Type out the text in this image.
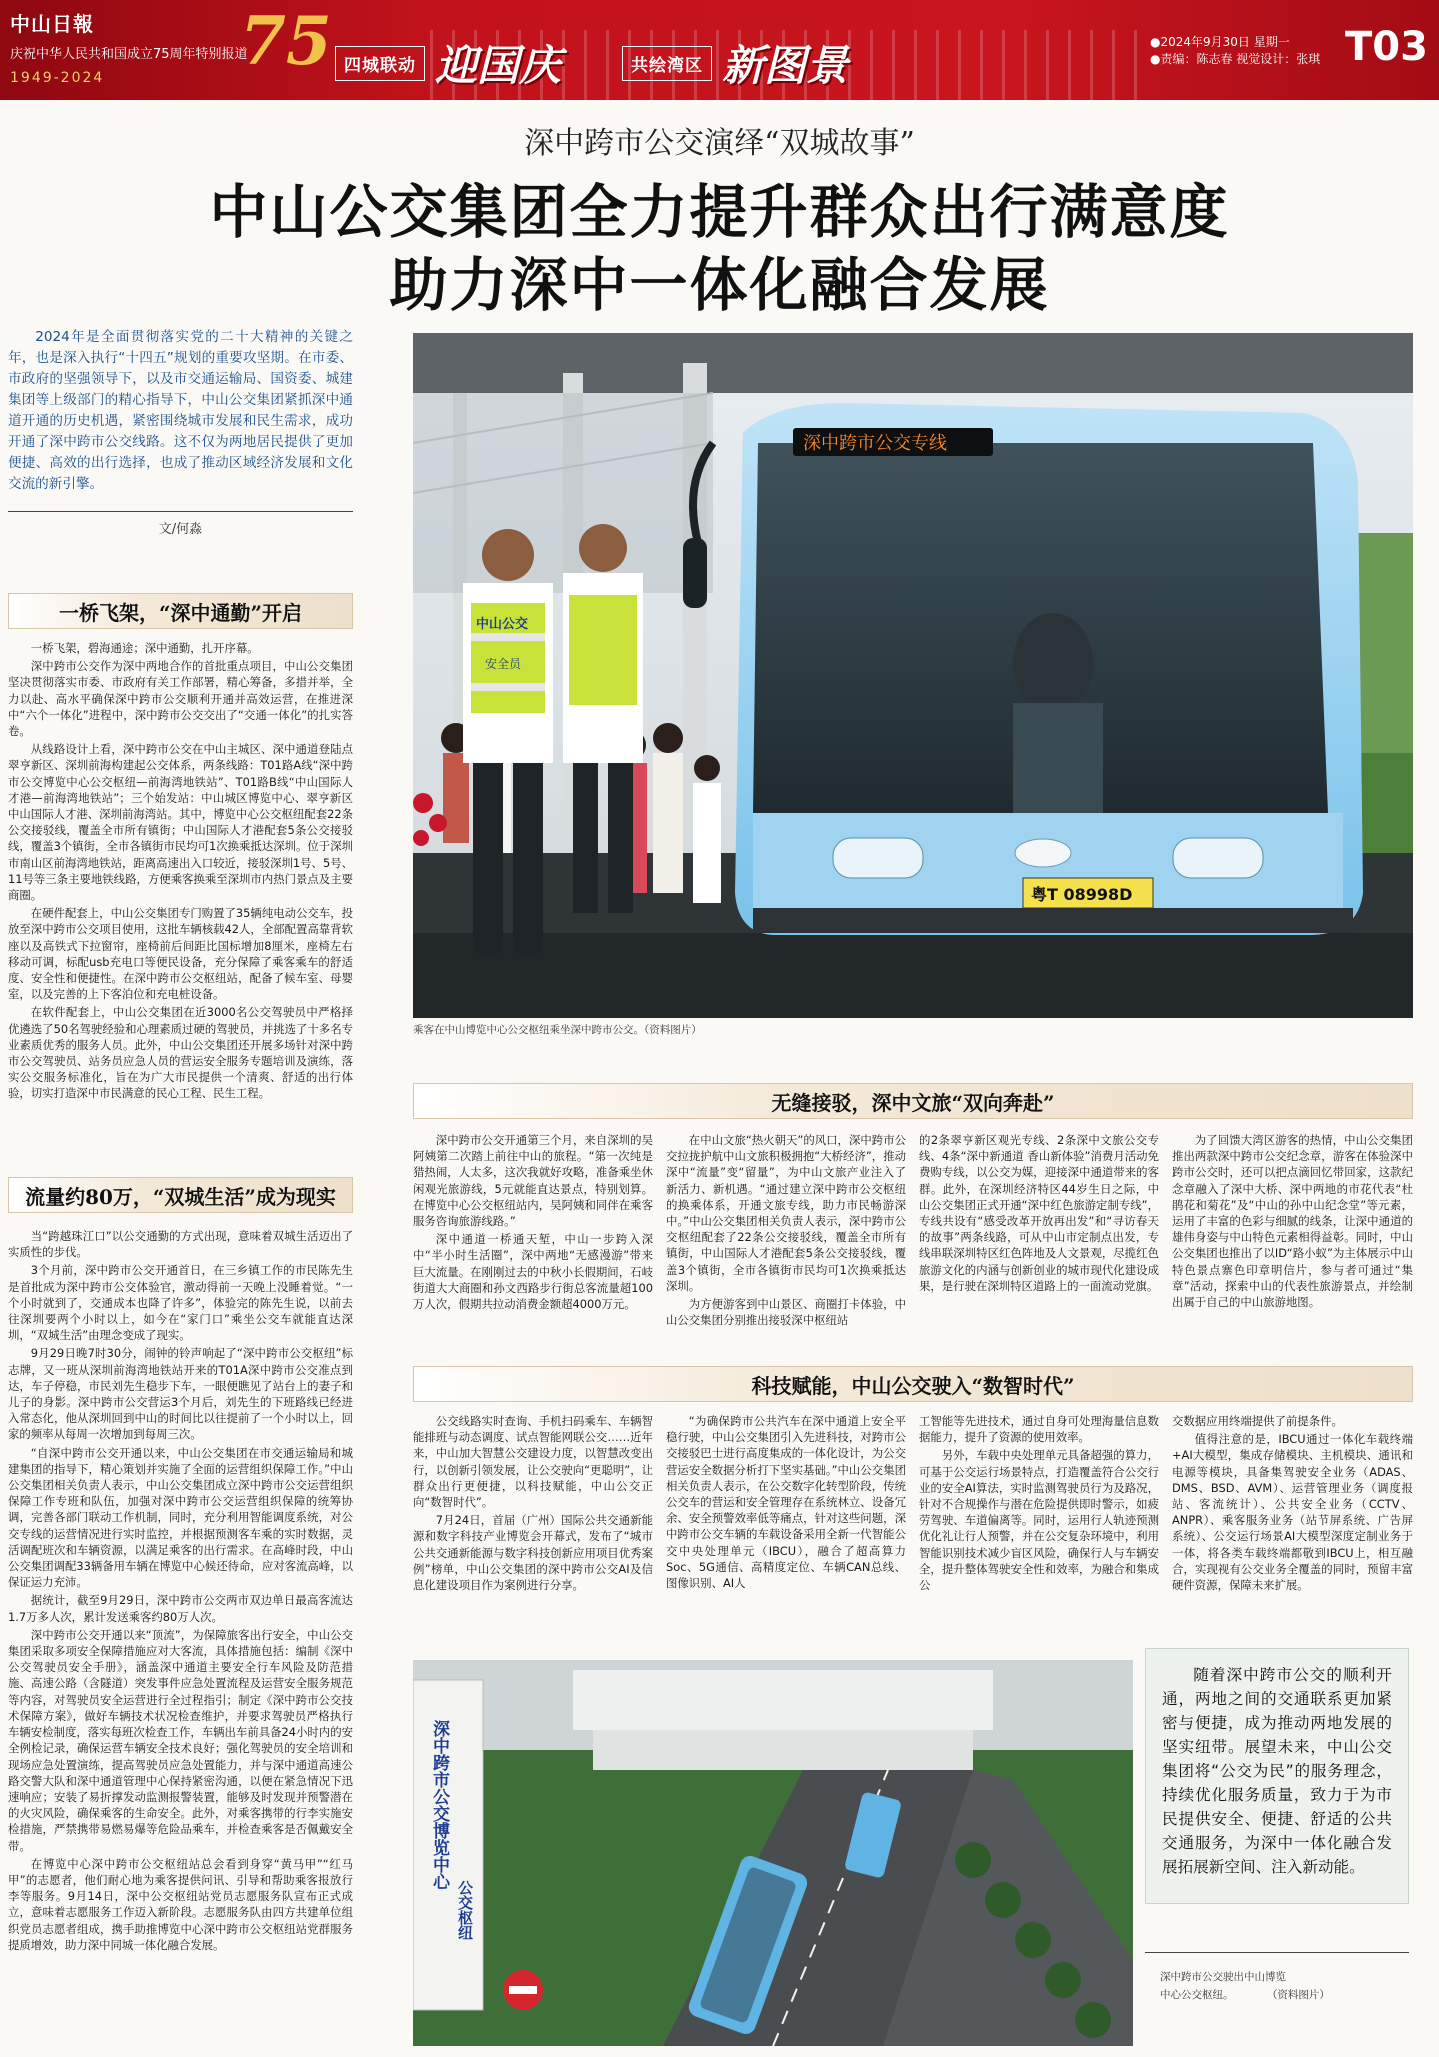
中山日報
庆祝中华人民共和国成立75周年特别报道
1949-2024	75 四城联动 迎国庆	共绘湾区 新图景	●2024年9月30日 星期一
●责编：陈志春 视觉设计：张琪 T03
深中跨市公交演绎“双城故事”
中山公交集团全力提升群众出行满意度
助力深中一体化融合发展
2024年是全面贯彻落实党的二十大精神的关键之年，也是深入执行“十四五”规划的重要攻坚期。在市委、市政府的坚强领导下，以及市交通运输局、国资委、城建集团等上级部门的精心指导下，中山公交集团紧抓深中通道开通的历史机遇，紧密围绕城市发展和民生需求，成功开通了深中跨市公交线路。这不仅为两地居民提供了更加便捷、高效的出行选择，也成了推动区域经济发展和文化交流的新引擎。
文/何淼
深中跨市公交专线
粤T 08998D
中山公交
安全员
乘客在中山博览中心公交枢纽乘坐深中跨市公交。（资料图片）
一桥飞架，“深中通勤”开启
流量约80万，“双城生活”成为现实
无缝接驳，深中文旅“双向奔赴”
科技赋能，中山公交驶入“数智时代”

一桥飞架，碧海通途；深中通勤，扎开序幕。

深中跨市公交作为深中两地合作的首批重点项目，中山公交集团坚决贯彻落实市委、市政府有关工作部署，精心筹备，多措并举，全力以赴、高水平确保深中跨市公交顺利开通并高效运营，在推进深中“六个一体化”进程中，深中跨市公交交出了“交通一体化”的扎实答卷。

从线路设计上看，深中跨市公交在中山主城区、深中通道登陆点翠亨新区、深圳前海构建起公交体系，两条线路：T01路A线“深中跨市公交博览中心公交枢纽—前海湾地铁站”、T01路B线“中山国际人才港—前海湾地铁站”；三个始发站：中山城区博览中心、翠亨新区中山国际人才港、深圳前海湾站。其中，博览中心公交枢纽配套22条公交接驳线，覆盖全市所有镇街；中山国际人才港配套5条公交接驳线，覆盖3个镇街，全市各镇街市民均可1次换乘抵达深圳。位于深圳市南山区前海湾地铁站，距离高速出入口较近，接驳深圳1号、5号、11号等三条主要地铁线路，方便乘客换乘至深圳市内热门景点及主要商圈。

在硬件配套上，中山公交集团专门购置了35辆纯电动公交车，投放至深中跨市公交项目使用，这批车辆核载42人，全部配置高靠背软座以及高铁式下拉窗帘，座椅前后间距比国标增加8厘米，座椅左右移动可调，标配usb充电口等便民设备，充分保障了乘客乘车的舒适度、安全性和便捷性。在深中跨市公交枢纽站，配备了候车室、母婴室，以及完善的上下客泊位和充电桩设备。

在软件配套上，中山公交集团在近3000名公交驾驶员中严格择优遴选了50名驾驶经验和心理素质过硬的驾驶员，并挑选了十多名专业素质优秀的服务人员。此外，中山公交集团还开展多场针对深中跨市公交驾驶员、站务员应急人员的营运安全服务专题培训及演练，落实公交服务标准化，旨在为广大市民提供一个清爽、舒适的出行体验，切实打造深中市民满意的民心工程、民生工程。

当“跨越珠江口”以公交通勤的方式出现，意味着双城生活迈出了实质性的步伐。

3个月前，深中跨市公交开通首日，在三乡镇工作的市民陈先生是首批成为深中跨市公交体验官，激动得前一天晚上没睡着觉。“一个小时就到了，交通成本也降了许多”，体验完的陈先生说，以前去往深圳要两个小时以上，如今在“家门口”乘坐公交车就能直达深圳，“双城生活”由理念变成了现实。

9月29日晚7时30分，闹钟的铃声响起了“深中跨市公交枢纽”标志牌，又一班从深圳前海湾地铁站开来的T01A深中跨市公交准点到达，车子停稳，市民刘先生稳步下车，一眼便瞧见了站台上的妻子和儿子的身影。深中跨市公交营运3个月后，刘先生的下班路线已经进入常态化，他从深圳回到中山的时间比以往提前了一个小时以上，回家的频率从每周一次增加到每周三次。

“自深中跨市公交开通以来，中山公交集团在市交通运输局和城建集团的指导下，精心策划并实施了全面的运营组织保障工作。”中山公交集团相关负责人表示，中山公交集团成立深中跨市公交运营组织保障工作专班和队伍，加强对深中跨市公交运营组织保障的统筹协调，完善各部门联动工作机制，同时，充分利用智能调度系统，对公交专线的运营情况进行实时监控，并根据预测客车乘的实时数据，灵活调配班次和车辆资源，以满足乘客的出行需求。在高峰时段，中山公交集团调配33辆备用车辆在博览中心候还待命，应对客流高峰，以保证运力充沛。

据统计，截至9月29日，深中跨市公交两市双边单日最高客流达1.7万多人次，累计发送乘客约80万人次。

深中跨市公交开通以来“顶流”，为保障旅客出行安全，中山公交集团采取多项安全保障措施应对大客流，具体措施包括：编制《深中公交驾驶员安全手册》，涵盖深中通道主要安全行车风险及防范措施、高速公路（含隧道）突发事件应急处置流程及运营安全服务规范等内容，对驾驶员安全运营进行全过程指引；制定《深中跨市公交技术保障方案》，做好车辆技术状况检查维护，并要求驾驶员严格执行车辆安检制度，落实每班次检查工作，车辆出车前具备24小时内的安全例检记录，确保运营车辆安全技术良好；强化驾驶员的安全培训和现场应急处置演练，提高驾驶员应急处置能力，并与深中通道高速公路交警大队和深中通道管理中心保持紧密沟通，以便在紧急情况下迅速响应；安装了易折撑发动监测报警装置，能够及时发现并预警潜在的火灾风险，确保乘客的生命安全。此外，对乘客携带的行李实施安检措施，严禁携带易燃易爆等危险品乘车，并检查乘客是否佩戴安全带。

在博览中心深中跨市公交枢纽站总会看到身穿“黄马甲”“红马甲”的志愿者，他们耐心地为乘客提供问讯、引导和帮助乘客报放行李等服务。9月14日，深中公交枢纽站党员志愿服务队宣布正式成立，意味着志愿服务工作迈入新阶段。志愿服务队由四方共建单位组织党员志愿者组成，携手助推博览中心深中跨市公交枢纽站党群服务提质增效，助力深中同城一体化融合发展。

深中跨市公交开通第三个月，来自深圳的吴阿姨第二次踏上前往中山的旅程。“第一次纯是猎热闹，人太多，这次我就好攻略，准备乘坐休闲观光旅游线，5元就能直达景点，特别划算。在博览中心公交枢纽站内，吴阿姨和同伴在乘客服务咨询旅游线路。”

深中通道一桥通天堑，中山一步跨入深中“半小时生活圈”，深中两地“无感漫游”带来巨大流量。在刚刚过去的中秋小长假期间，石岐街道大大商圈和孙文西路步行街总客流量超100万人次，假期共拉动消费金额超4000万元。

在中山文旅“热火朝天”的风口，深中跨市公交拉拢护航中山文旅积极拥抱“大桥经济”，推动深中“流量”变“留量”，为中山文旅产业注入了新活力、新机遇。“通过建立深中跨市公交枢纽的换乘体系，开通文旅专线，助力市民畅游深中。”中山公交集团相关负责人表示，深中跨市公交枢纽配套了22条公交接驳线，覆盖全市所有镇街，中山国际人才港配套5条公交接驳线，覆盖3个镇街，全市各镇街市民均可1次换乘抵达深圳。

为方便游客到中山景区、商圈打卡体验，中山公交集团分别推出接驳深中枢纽站

的2条翠亨新区观光专线、2条深中文旅公交专线、4条“深中新通道 香山新体验”消费月活动免费购专线，以公交为媒，迎接深中通道带来的客群。此外，在深圳经济特区44岁生日之际，中山公交集团正式开通“深中红色旅游定制专线”，专线共设有“感受改革开放再出发”和“寻访春天的故事”两条线路，可从中山市定制点出发，专线串联深圳特区红色阵地及人文景观，尽揽红色旅游文化的内涵与创新创业的城市现代化建设成果，是行驶在深圳特区道路上的一面流动党旗。

为了回馈大湾区游客的热情，中山公交集团推出两款深中跨市公交纪念章，游客在体验深中跨市公交时，还可以把点滴回忆带回家，这款纪念章融入了深中大桥、深中两地的市花代表“杜鹃花和菊花”及“中山的孙中山纪念堂”等元素，运用了丰富的色彩与细腻的线条，让深中通道的雄伟身姿与中山特色元素相得益彰。同时，中山公交集团也推出了以ID“路小蚁”为主体展示中山特色景点寨色印章明信片，参与者可通过“集章”活动，探索中山的代表性旅游景点，并绘制出属于自己的中山旅游地图。

公交线路实时查询、手机扫码乘车、车辆智能排班与动态调度、试点智能网联公交……近年来，中山加大智慧公交建设力度，以智慧改变出行，以创新引领发展，让公交驶向“更聪明”，让群众出行更便捷，以科技赋能，中山公交正向“数智时代”。

7月24日，首届（广州）国际公共交通新能源和数字科技产业博览会开幕式，发布了“城市公共交通新能源与数字科技创新应用项目优秀案例”榜单，中山公交集团的深中跨市公交AI及信息化建设项目作为案例进行分享。

“为确保跨市公共汽车在深中通道上安全平稳行驶，中山公交集团引入先进科技，对跨市公交接驳巴士进行高度集成的一体化设计，为公交营运安全数据分析打下坚实基础。”中山公交集团相关负责人表示，在公交数字化转型阶段，传统公交车的营运和安全管理存在系统林立、设备冗余、安全预警效率低等痛点，针对这些问题，深中跨市公交车辆的车载设备采用全新一代智能公交中央处理单元（IBCU），融合了超高算力Soc、5G通信、高精度定位、车辆CAN总线、图像识别、AI人

工智能等先进技术，通过自身可处理海量信息数据能力，提升了资源的使用效率。

另外，车载中央处理单元具备超强的算力，可基于公交运行场景特点，打造覆盖符合公交行业的安全AI算法，实时监测驾驶员行为及路况，针对不合规操作与潜在危险提供即时警示，如疲劳驾驶、车道偏离等。同时，运用行人轨迹预测优化礼让行人预警，并在公交复杂环境中，利用智能识别技术减少盲区风险，确保行人与车辆安全，提升整体驾驶安全性和效率，为融合和集成公

交数据应用终端提供了前提条件。

值得注意的是，IBCU通过一体化车载终端+AI大模型，集成存储模块、主机模块、通讯和电源等模块，具备集驾驶安全业务（ADAS、DMS、BSD、AVM）、运营管理业务（调度报站、客流统计）、公共安全业务（CCTV、ANPR）、乘客服务业务（站节屏系统、广告屏系统）、公交运行场景AI大模型深度定制业务于一体，将各类车载终端都敬到IBCU上，相互融合，实现视有公交业务全覆盖的同时，预留丰富硬件资源，保障未来扩展。

深中跨市公交博览中心
公交枢纽
随着深中跨市公交的顺利开通，两地之间的交通联系更加紧密与便捷，成为推动两地发展的坚实纽带。展望未来，中山公交集团将“公交为民”的服务理念，持续优化服务质量，致力于为市民提供安全、便捷、舒适的公共交通服务，为深中一体化融合发展拓展新空间、注入新动能。
深中跨市公交驶出中山博览
中心公交枢纽。	（资料图片）
